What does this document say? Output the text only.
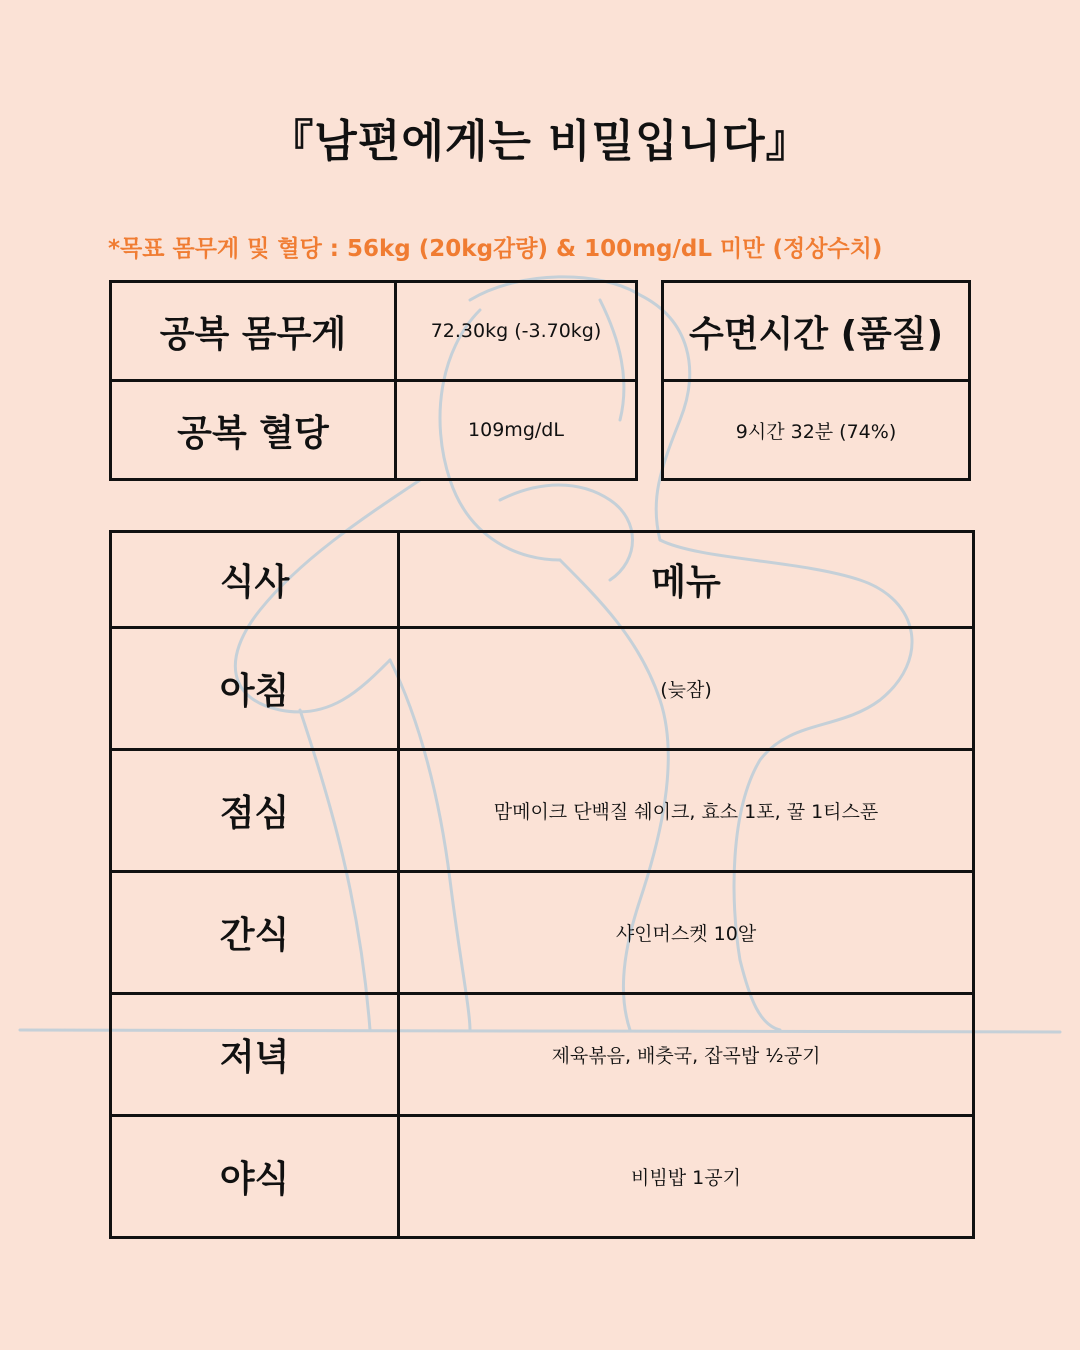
『남편에게는 비밀입니다』
*목표 몸무게 및 혈당 : 56kg (20kg감량) & 100mg/dL 미만 (정상수치)
공복 몸무게	72.30kg (-3.70kg)
공복 혈당	109mg/dL
수면시간 (품질)
9시간 32분 (74%)
식사	메뉴
아침	(늦잠)
점심	맘메이크 단백질 쉐이크, 효소 1포, 꿀 1티스푼
간식	샤인머스켓 10알
저녁	제육볶음, 배춧국, 잡곡밥 ½공기
야식	비빔밥 1공기
